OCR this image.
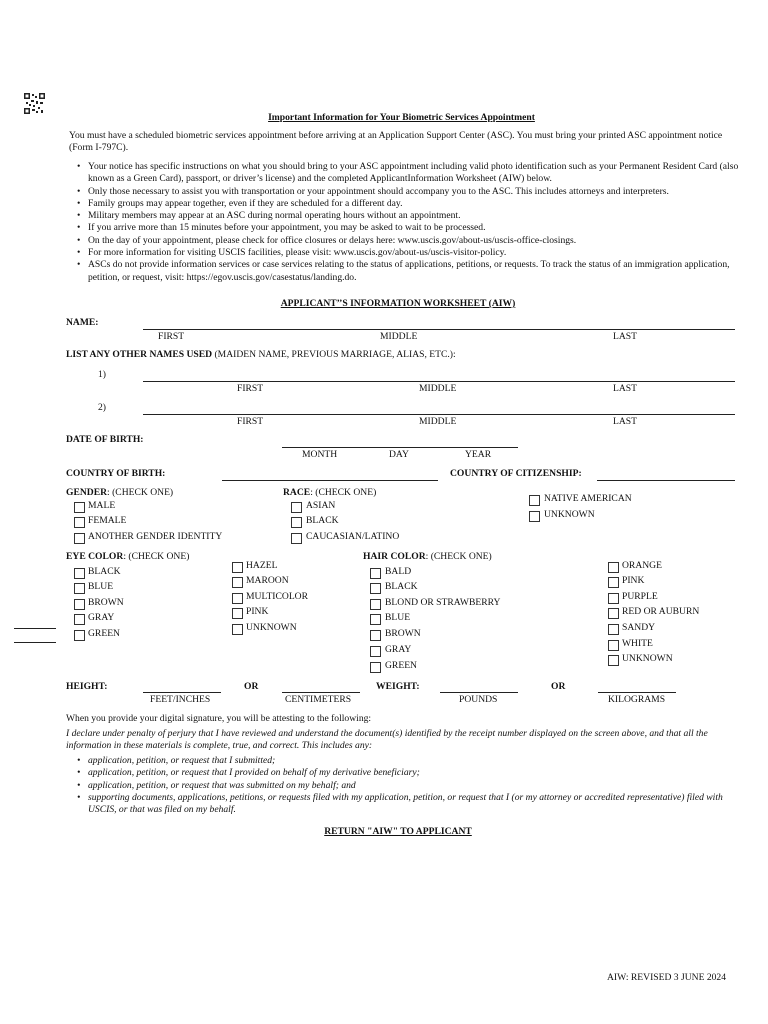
Important Information for Your Biometric Services Appointment
You must have a scheduled biometric services appointment before arriving at an Application Support Center (ASC). You must bring your printed ASC appointment notice (Form I-797C).
• Your notice has specific instructions on what you should bring to your ASC appointment including valid photo identification such as your Permanent Resident Card (also known as a Green Card), passport, or driver’s license) and the completed ApplicantInformation Worksheet (AIW) below.
• Only those necessary to assist you with transportation or your appointment should accompany you to the ASC. This includes attorneys and interpreters.
• Family groups may appear together, even if they are scheduled for a different day.
• Military members may appear at an ASC during normal operating hours without an appointment.
• If you arrive more than 15 minutes before your appointment, you may be asked to wait to be processed.
• On the day of your appointment, please check for office closures or delays here: www.uscis.gov/about-us/uscis-office-closings.
• For more information for visiting USCIS facilities, please visit: www.uscis.gov/about-us/uscis-visitor-policy.
• ASCs do not provide information services or case services relating to the status of applications, petitions, or requests. To track the status of an immigration application, petition, or request, visit: https://egov.uscis.gov/casestatus/landing.do.
APPLICANT’’S INFORMATION WORKSHEET (AIW)
NAME:
FIRST	MIDDLE	LAST
LIST ANY OTHER NAMES USED (MAIDEN NAME, PREVIOUS MARRIAGE, ALIAS, ETC.):
1)
FIRST	MIDDLE	LAST
2)
FIRST	MIDDLE	LAST
DATE OF BIRTH:
MONTH	DAY	YEAR
COUNTRY OF BIRTH:	COUNTRY OF CITIZENSHIP:
GENDER: (CHECK ONE)
MALE
FEMALE
ANOTHER GENDER IDENTITY
RACE: (CHECK ONE)
ASIAN
BLACK
CAUCASIAN/LATINO
NATIVE AMERICAN
UNKNOWN
EYE COLOR: (CHECK ONE)
BLACK
BLUE
BROWN
GRAY
GREEN
HAZEL
MAROON
MULTICOLOR
PINK
UNKNOWN
HAIR COLOR: (CHECK ONE)
BALD
BLACK
BLOND OR STRAWBERRY
BLUE
BROWN
GRAY
GREEN
ORANGE
PINK
PURPLE
RED OR AUBURN
SANDY
WHITE
UNKNOWN
HEIGHT:
FEET/INCHES
OR
CENTIMETERS
WEIGHT:
POUNDS
OR
KILOGRAMS
When you provide your digital signature, you will be attesting to the following:
I declare under penalty of perjury that I have reviewed and understand the document(s) identified by the receipt number displayed on the screen above, and that all the information in these materials is complete, true, and correct. This includes any:
• application, petition, or request that I submitted;
• application, petition, or request that I provided on behalf of my derivative beneficiary;
• application, petition, or request that was submitted on my behalf; and
• supporting documents, applications, petitions, or requests filed with my application, petition, or request that I (or my attorney or accredited representative) filed with USCIS, or that was filed on my behalf.
RETURN "AIW" TO APPLICANT
AIW: REVISED 3 JUNE 2024
